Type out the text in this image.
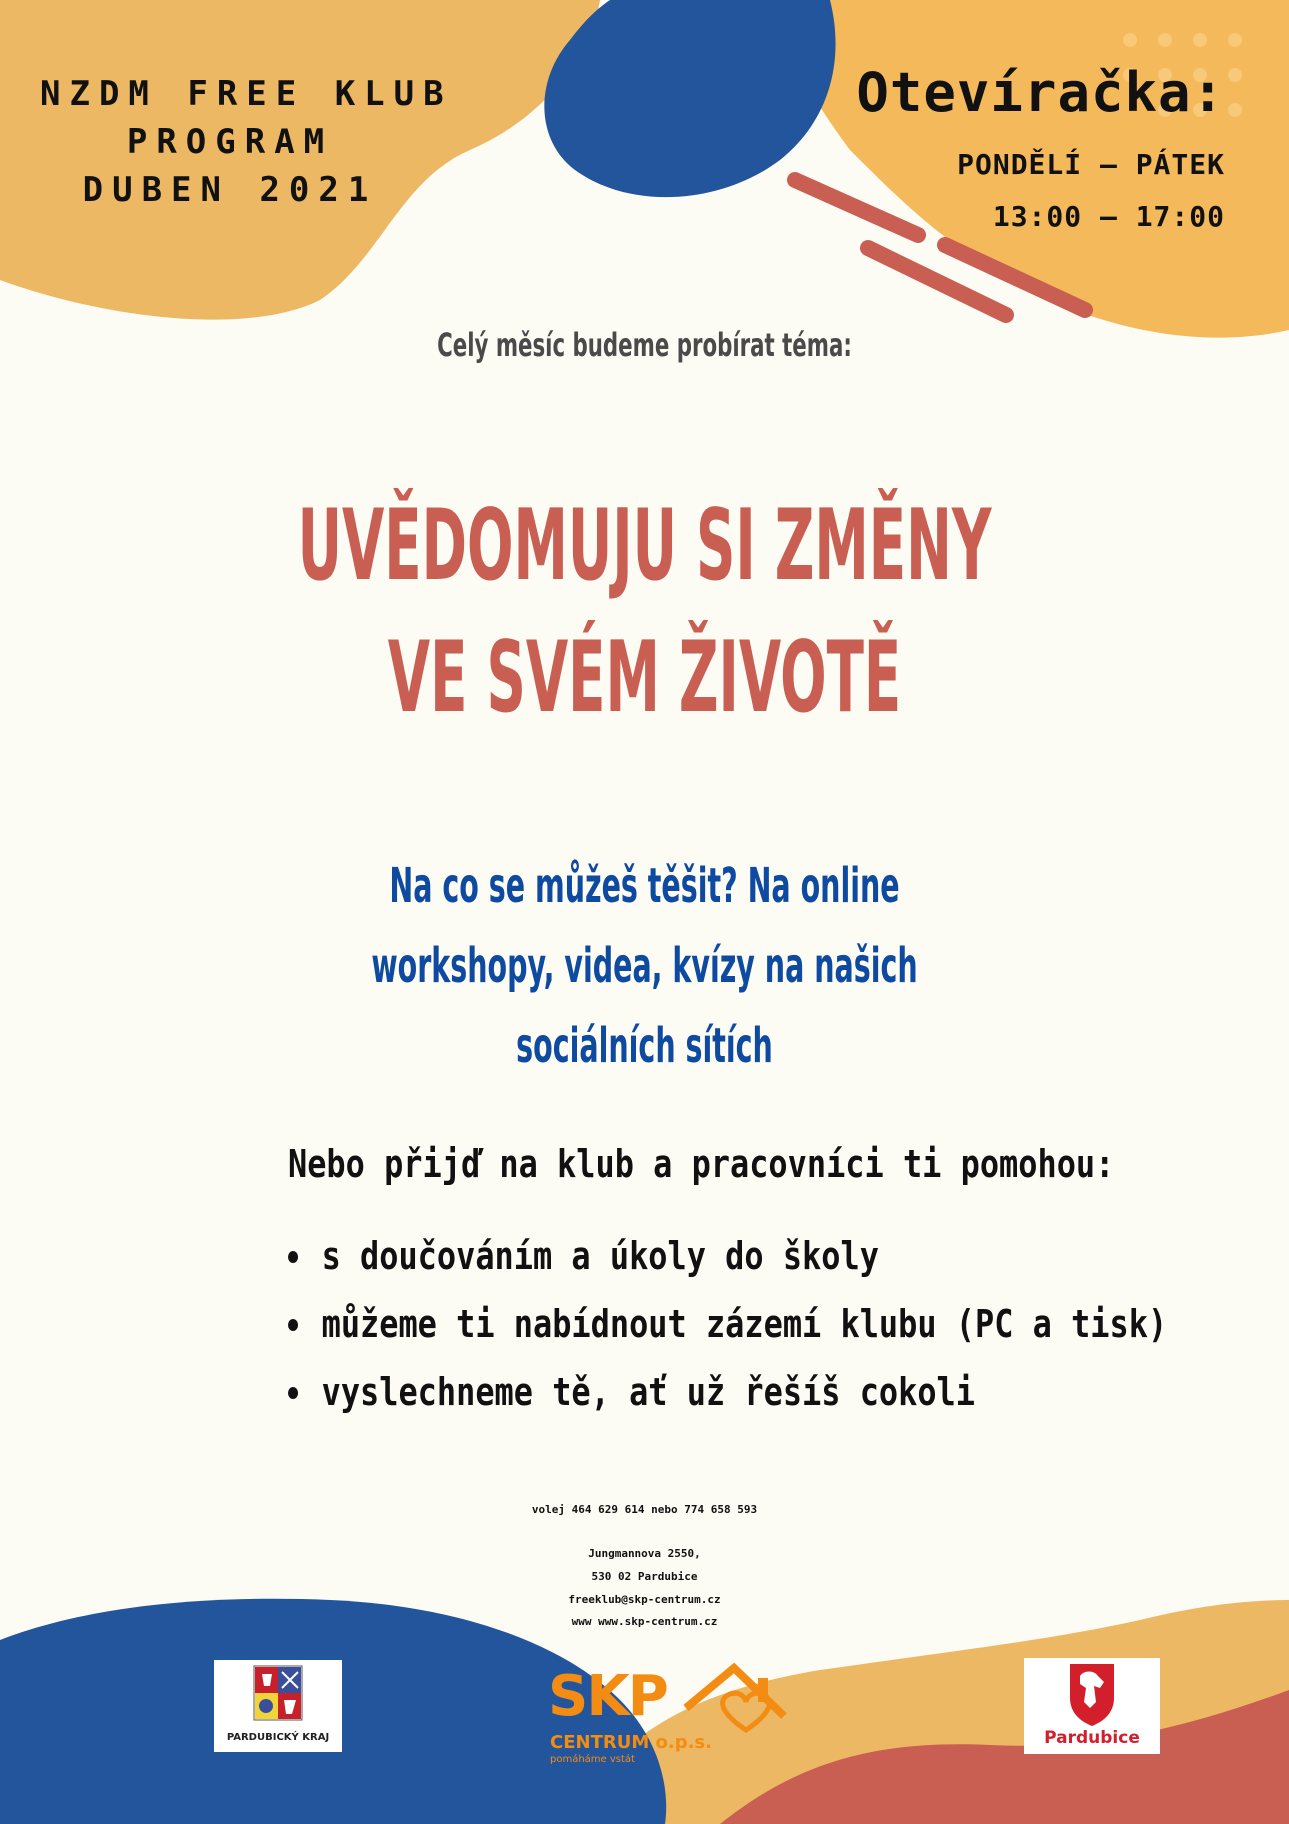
NZDM FREE KLUB
PROGRAM
DUBEN 2021
Otevíračka:
PONDĚLÍ – PÁTEK
13:00 – 17:00
Celý měsíc budeme probírat téma:
UVĚDOMUJU SI ZMĚNY
VE SVÉM ŽIVOTĚ
Na co se můžeš těšit? Na online
workshopy, videa, kvízy na našich
sociálních sítích
Nebo přijď na klub a pracovníci ti pomohou:
s doučováním a úkoly do školy
můžeme ti nabídnout zázemí klubu (PC a tisk)
vyslechneme tě, ať už řešíš cokoli
volej 464 629 614 nebo 774 658 593
Jungmannova 2550,
530 02 Pardubice
freeklub@skp-centrum.cz
www www.skp-centrum.cz
PARDUBICKÝ KRAJ
SKP
CENTRUM o.p.s.
pomáháme vstát
Pardubice
